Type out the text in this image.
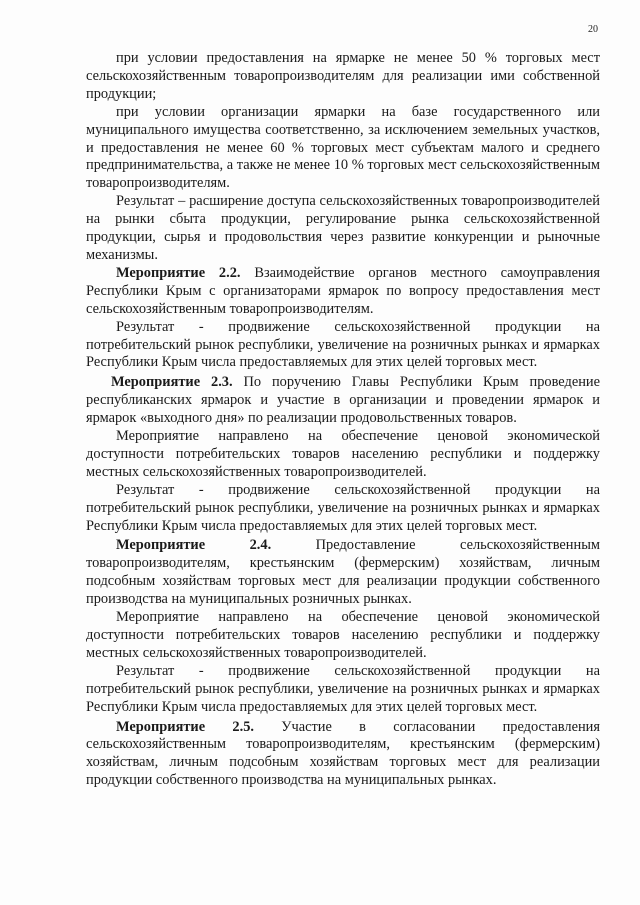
20

при условии предоставления на ярмарке не менее 50 % торговых мест сельскохозяйственным товаропроизводителям для реализации ими собственной продукции;

при условии организации ярмарки на базе государственного или муниципального имущества соответственно, за исключением земельных участков, и предоставления не менее 60 % торговых мест субъектам малого и среднего предпринимательства, а также не менее 10 % торговых мест сельскохозяйственным товаропроизводителям.

Результат – расширение доступа сельскохозяйственных товаропроизводителей на рынки сбыта продукции, регулирование рынка сельскохозяйственной продукции, сырья и продовольствия через развитие конкуренции и рыночные механизмы.

Мероприятие 2.2. Взаимодействие органов местного самоуправления Республики Крым с организаторами ярмарок по вопросу предоставления мест сельскохозяйственным товаропроизводителям.

Результат - продвижение сельскохозяйственной продукции на потребительский рынок республики, увеличение на розничных рынках и ярмарках Республики Крым числа предоставляемых для этих целей торговых мест.

Мероприятие 2.3. По поручению Главы Республики Крым проведение республиканских ярмарок и участие в организации и проведении ярмарок и ярмарок «выходного дня» по реализации продовольственных товаров.

Мероприятие направлено на обеспечение ценовой экономической доступности потребительских товаров населению республики и поддержку местных сельскохозяйственных товаропроизводителей.

Результат - продвижение сельскохозяйственной продукции на потребительский рынок республики, увеличение на розничных рынках и ярмарках Республики Крым числа предоставляемых для этих целей торговых мест.

Мероприятие 2.4. Предоставление сельскохозяйственным товаропроизводителям, крестьянским (фермерским) хозяйствам, личным подсобным хозяйствам торговых мест для реализации продукции собственного производства на муниципальных розничных рынках.

Мероприятие направлено на обеспечение ценовой экономической доступности потребительских товаров населению республики и поддержку местных сельскохозяйственных товаропроизводителей.

Результат - продвижение сельскохозяйственной продукции на потребительский рынок республики, увеличение на розничных рынках и ярмарках Республики Крым числа предоставляемых для этих целей торговых мест.

Мероприятие 2.5. Участие в согласовании предоставления сельскохозяйственным товаропроизводителям, крестьянским (фермерским) хозяйствам, личным подсобным хозяйствам торговых мест для реализации продукции собственного производства на муниципальных рынках.
